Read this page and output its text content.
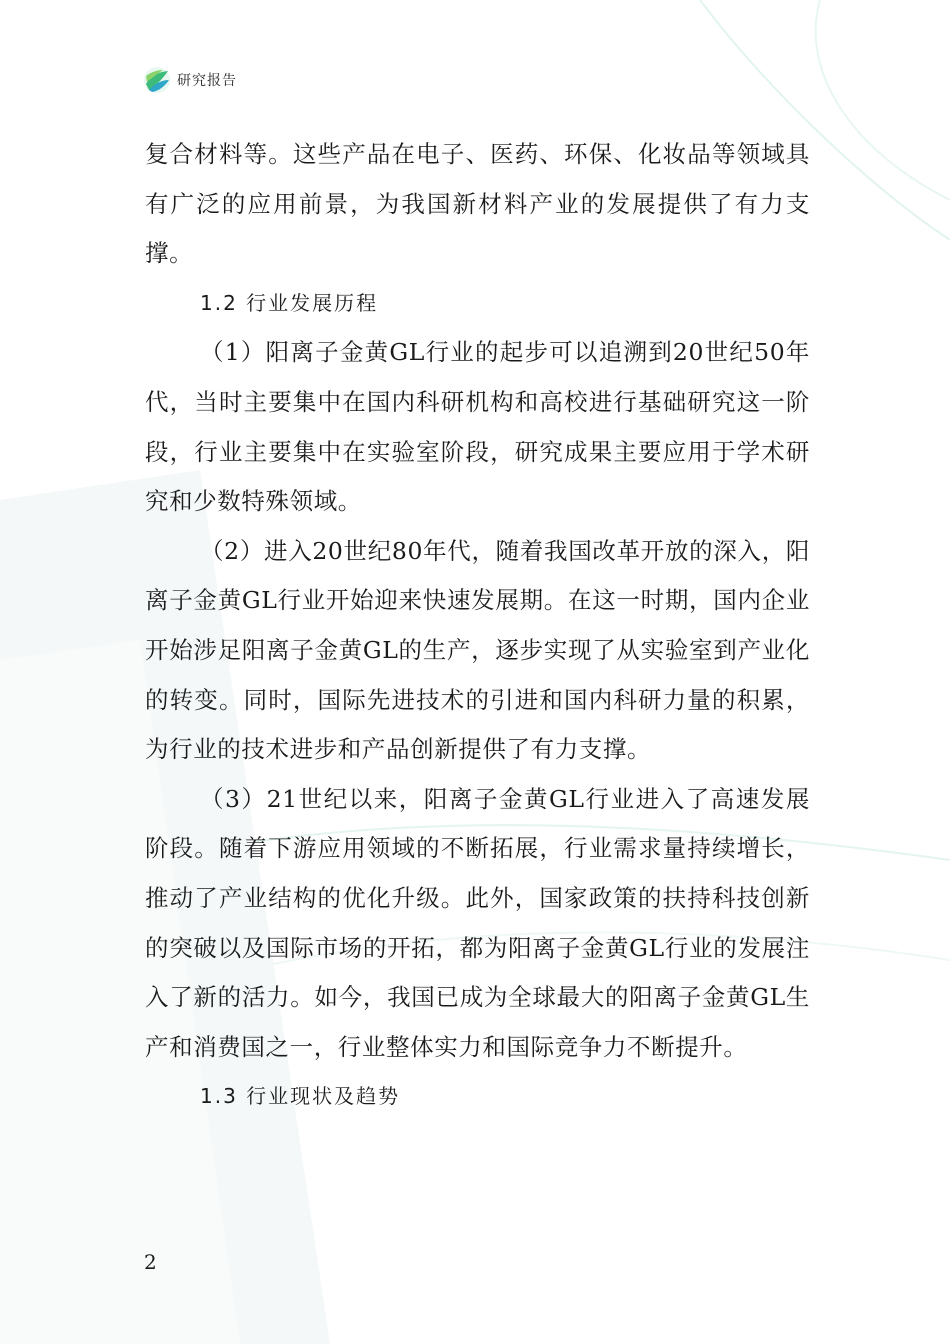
研究报告

复合材料等。这些产品在电子、医药、环保、化妆品等领域具有广泛的应用前景，为我国新材料产业的发展提供了有力支撑。

1.2 行业发展历程

（1）阳离子金黄GL行业的起步可以追溯到20世纪50年代，当时主要集中在国内科研机构和高校进行基础研究这一阶段，行业主要集中在实验室阶段，研究成果主要应用于学术研究和少数特殊领域。

（2）进入20世纪80年代，随着我国改革开放的深入，阳离子金黄GL行业开始迎来快速发展期。在这一时期，国内企业开始涉足阳离子金黄GL的生产，逐步实现了从实验室到产业化的转变。同时，国际先进技术的引进和国内科研力量的积累，为行业的技术进步和产品创新提供了有力支撑。

（3）21世纪以来，阳离子金黄GL行业进入了高速发展阶段。随着下游应用领域的不断拓展，行业需求量持续增长，推动了产业结构的优化升级。此外，国家政策的扶持科技创新的突破以及国际市场的开拓，都为阳离子金黄GL行业的发展注入了新的活力。如今，我国已成为全球最大的阳离子金黄GL生产和消费国之一，行业整体实力和国际竞争力不断提升。

1.3 行业现状及趋势

2
